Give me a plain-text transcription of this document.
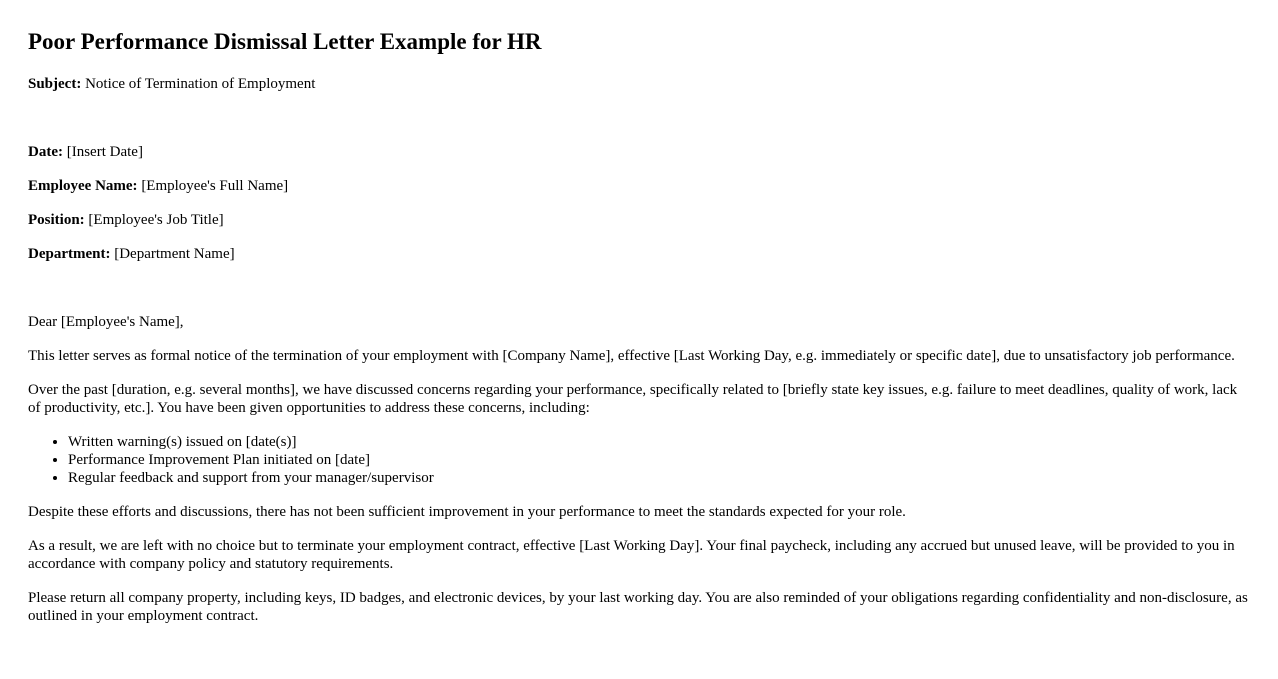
Poor Performance Dismissal Letter Example for HR

Subject: Notice of Termination of Employment

Date: [Insert Date]

Employee Name: [Employee's Full Name]

Position: [Employee's Job Title]

Department: [Department Name]

Dear [Employee's Name],

This letter serves as formal notice of the termination of your employment with [Company Name], effective [Last Working Day, e.g. immediately or specific date], due to unsatisfactory job performance.

Over the past [duration, e.g. several months], we have discussed concerns regarding your performance, specifically related to [briefly state key issues, e.g. failure to meet deadlines, quality of work, lack of productivity, etc.]. You have been given opportunities to address these concerns, including:

• Written warning(s) issued on [date(s)]
• Performance Improvement Plan initiated on [date]
• Regular feedback and support from your manager/supervisor

Despite these efforts and discussions, there has not been sufficient improvement in your performance to meet the standards expected for your role.

As a result, we are left with no choice but to terminate your employment contract, effective [Last Working Day]. Your final paycheck, including any accrued but unused leave, will be provided to you in accordance with company policy and statutory requirements.

Please return all company property, including keys, ID badges, and electronic devices, by your last working day. You are also reminded of your obligations regarding confidentiality and non-disclosure, as outlined in your employment contract.
